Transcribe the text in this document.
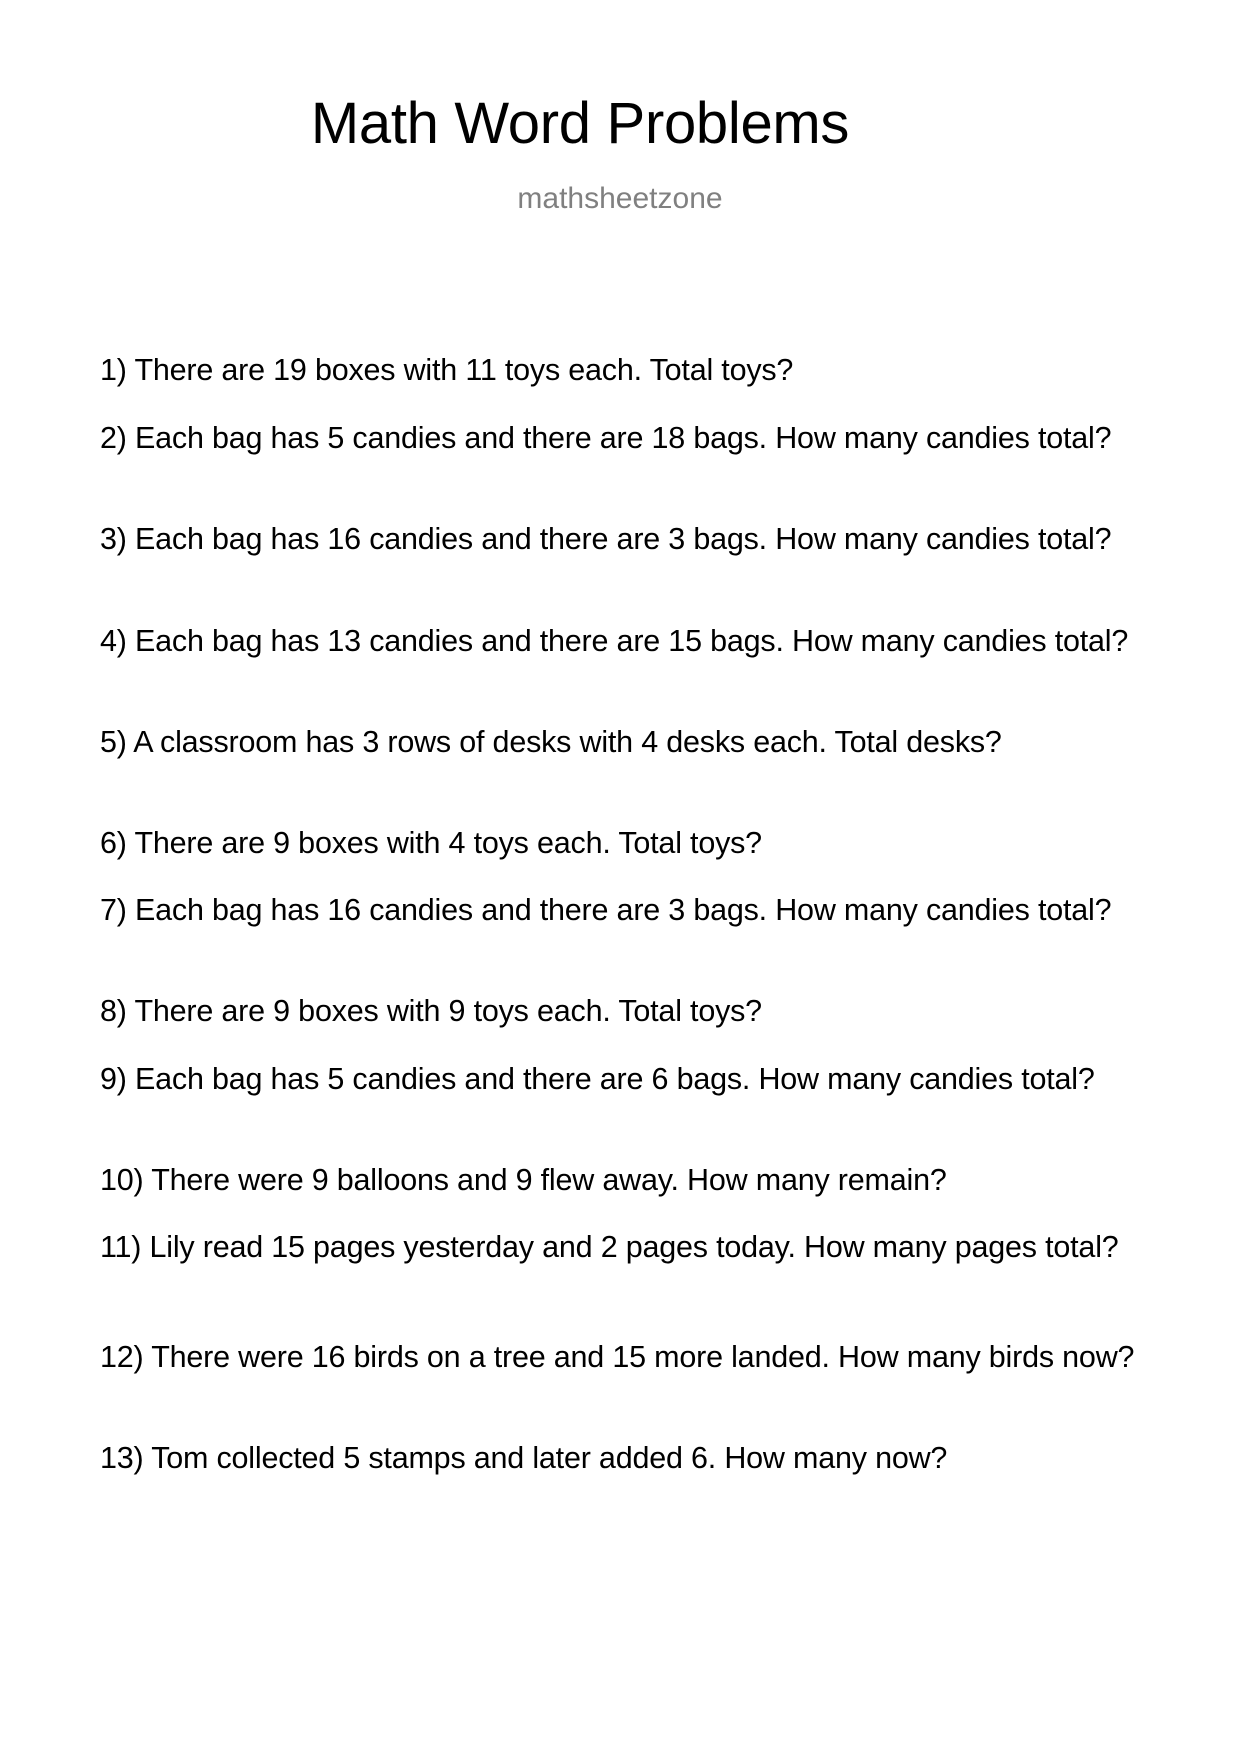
Math Word Problems
mathsheetzone
1) There are 19 boxes with 11 toys each. Total toys?
2) Each bag has 5 candies and there are 18 bags. How many candies total?
3) Each bag has 16 candies and there are 3 bags. How many candies total?
4) Each bag has 13 candies and there are 15 bags. How many candies total?
5) A classroom has 3 rows of desks with 4 desks each. Total desks?
6) There are 9 boxes with 4 toys each. Total toys?
7) Each bag has 16 candies and there are 3 bags. How many candies total?
8) There are 9 boxes with 9 toys each. Total toys?
9) Each bag has 5 candies and there are 6 bags. How many candies total?
10) There were 9 balloons and 9 flew away. How many remain?
11) Lily read 15 pages yesterday and 2 pages today. How many pages total?
12) There were 16 birds on a tree and 15 more landed. How many birds now?
13) Tom collected 5 stamps and later added 6. How many now?
